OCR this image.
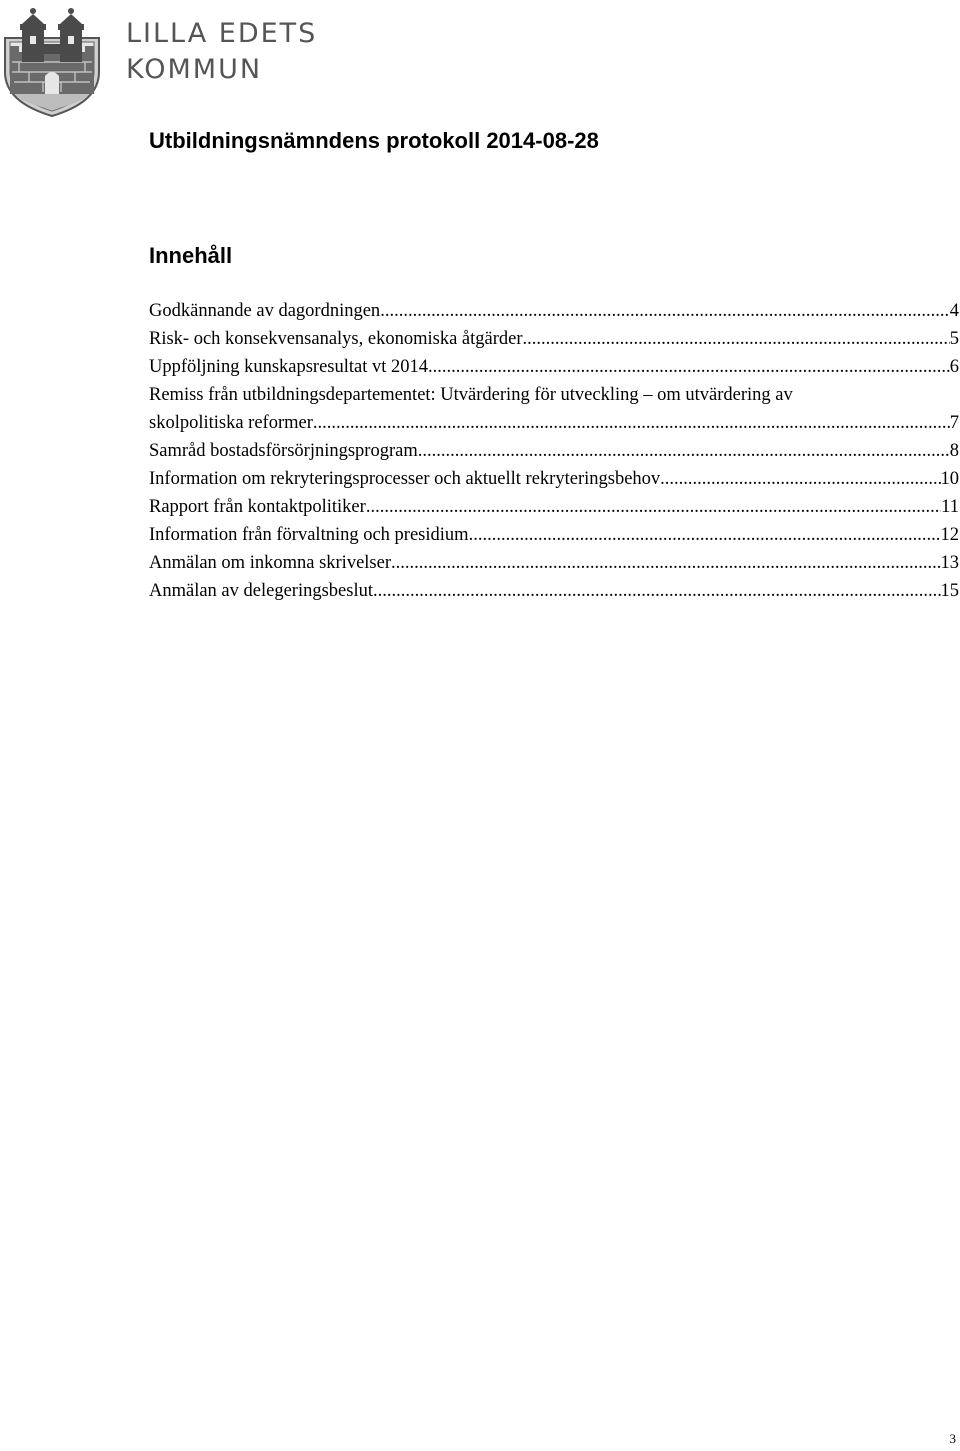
LILLA EDETS
KOMMUN
Utbildningsnämndens protokoll 2014-08-28
Innehåll
Godkännande av dagordningen .....	4
Risk- och konsekvensanalys, ekonomiska åtgärder .....	5
Uppföljning kunskapsresultat vt 2014 .....	6
Remiss från utbildningsdepartementet: Utvärdering för utveckling – om utvärdering av
skolpolitiska reformer .....	7
Samråd bostadsförsörjningsprogram .....	8
Information om rekryteringsprocesser och aktuellt rekryteringsbehov .....	10
Rapport från kontaktpolitiker .....	11
Information från förvaltning och presidium .....	12
Anmälan om inkomna skrivelser .....	13
Anmälan av delegeringsbeslut .....	15
3
